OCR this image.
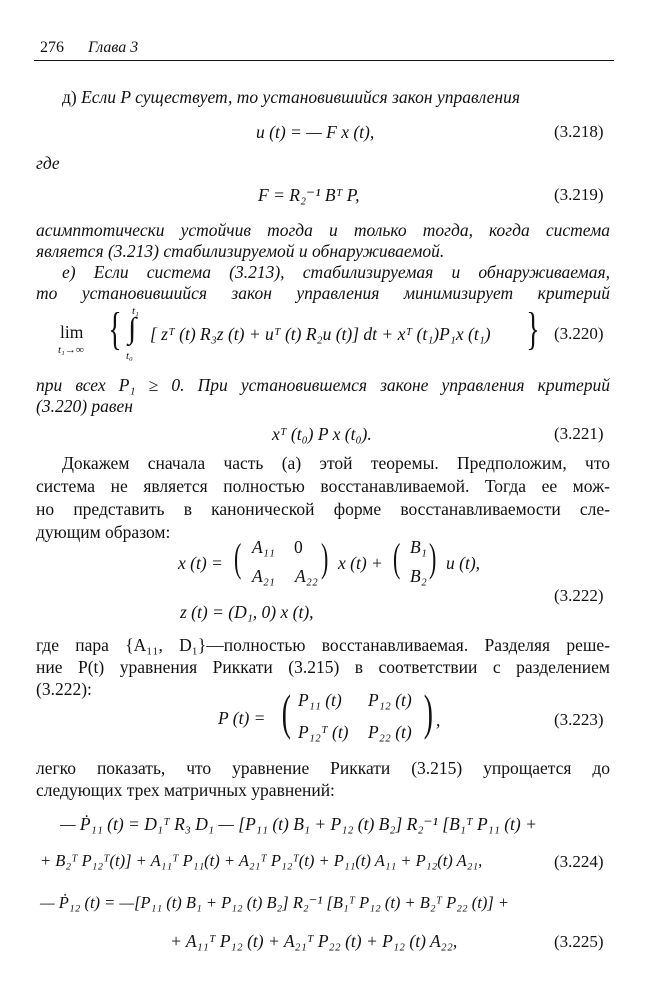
276 Глава 3
д) Если P существует, то установившийся закон управления
u (t) = — F x (t),	(3.218)
где
F = R₂⁻¹ Bᵀ P,	(3.219)
асимптотически устойчив тогда и только тогда, когда система
является (3.213) стабилизируемой и обнаруживаемой.
е) Если система (3.213), стабилизируемая и обнаруживаемая,
то установившийся закон управления минимизирует критерий
lim
t₁→∞ { ∫
t₁
t₀
[ zᵀ (t) R₃z (t) + uᵀ (t) R₂u (t)] dt + xᵀ (t₁)P₁x (t₁) } (3.220)
при всех P₁ ≥ 0. При установившемся законе управления критерий
(3.220) равен
xᵀ (t₀) P x (t₀).	(3.221)
Докажем сначала часть (а) этой теоремы. Предположим, что
система не является полностью восстанавливаемой. Тогда ее мож-
но представить в канонической форме восстанавливаемости сле-
дующим образом:
x (t) = ( A₁₁ 0
A₂₁ A₂₂ ) x (t) + ( B₁
B₂ ) u (t),
z (t) = (D₁, 0) x (t),
(3.222)
где пара {A₁₁, D₁}—полностью восстанавливаемая. Разделяя реше-
ние P(t) уравнения Риккати (3.215) в соответствии с разделением
(3.222):
P (t) = ( P₁₁ (t) P₁₂ (t)
P₁₂ᵀ (t) P₂₂ (t) ) ,	(3.223)
легко показать, что уравнение Риккати (3.215) упрощается до
следующих трех матричных уравнений:
— Ṗ₁₁ (t) = D₁ᵀ R₃ D₁ — [P₁₁ (t) B₁ + P₁₂ (t) B₂] R₂⁻¹ [B₁ᵀ P₁₁ (t) +
+ B₂ᵀ P₁₂ᵀ(t)] + A₁₁ᵀ P₁₁(t) + A₂₁ᵀ P₁₂ᵀ(t) + P₁₁(t) A₁₁ + P₁₂(t) A₂₁,	(3.224)
— Ṗ₁₂ (t) = —[P₁₁ (t) B₁ + P₁₂ (t) B₂] R₂⁻¹ [B₁ᵀ P₁₂ (t) + B₂ᵀ P₂₂ (t)] +
+ A₁₁ᵀ P₁₂ (t) + A₂₁ᵀ P₂₂ (t) + P₁₂ (t) A₂₂,	(3.225)
